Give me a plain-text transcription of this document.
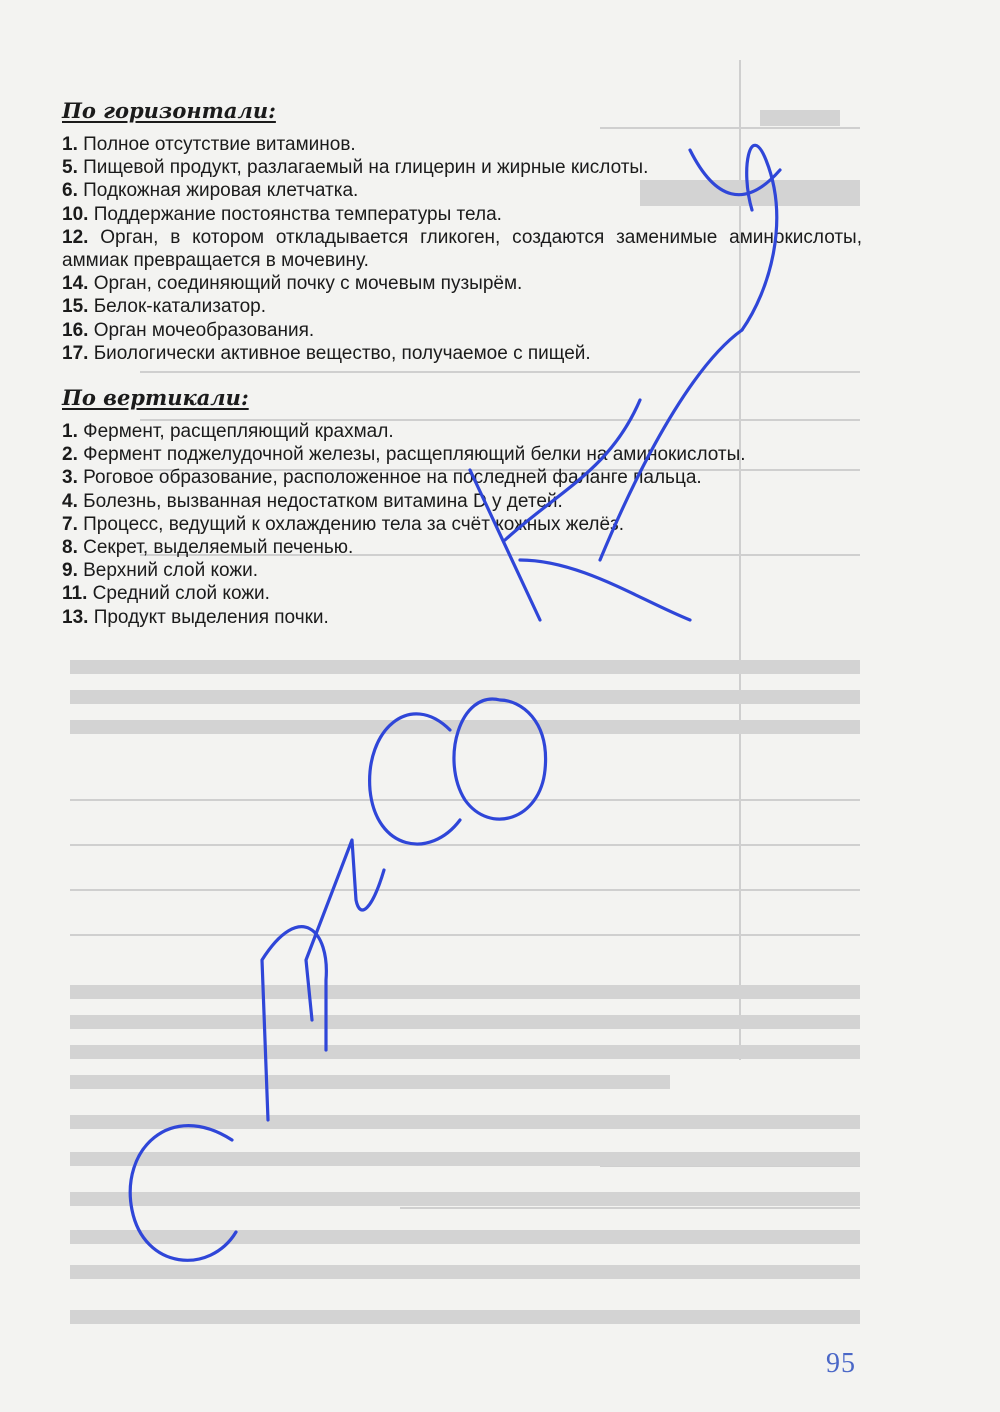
По горизонтали:
1. Полное отсутствие витаминов.
5. Пищевой продукт, разлагаемый на глицерин и жирные кислоты.
6. Подкожная жировая клетчатка.
10. Поддержание постоянства температуры тела.
12. Орган, в котором откладывается гликоген, создаются заменимые аминокислоты, аммиак превращается в мочевину.
14. Орган, соединяющий почку с мочевым пузырём.
15. Белок-катализатор.
16. Орган мочеобразования.
17. Биологически активное вещество, получаемое с пищей.
По вертикали:
1. Фермент, расщепляющий крахмал.
2. Фермент поджелудочной железы, расщепляющий белки на аминокислоты.
3. Роговое образование, расположенное на последней фаланге пальца.
4. Болезнь, вызванная недостатком витамина D у детей.
7. Процесс, ведущий к охлаждению тела за счёт кожных желёз.
8. Секрет, выделяемый печенью.
9. Верхний слой кожи.
11. Средний слой кожи.
13. Продукт выделения почки.
95
